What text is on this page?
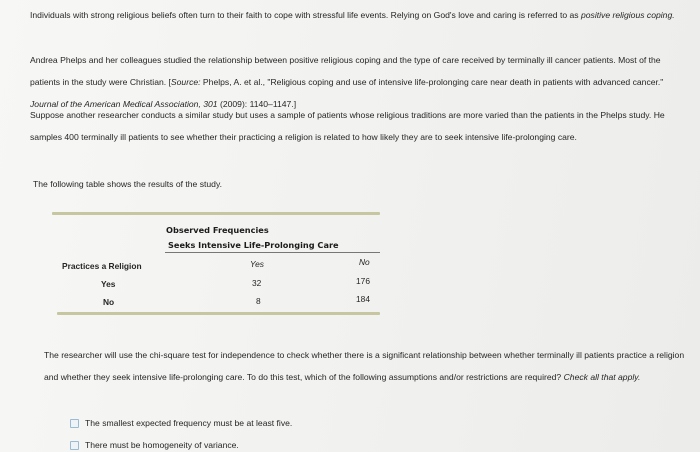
Individuals with strong religious beliefs often turn to their faith to cope with stressful life events. Relying on God's love and caring is referred to as positive religious coping.

Andrea Phelps and her colleagues studied the relationship between positive religious coping and the type of care received by terminally ill cancer patients. Most of the patients in the study were Christian. [Source: Phelps, A. et al., "Religious coping and use of intensive life-prolonging care near death in patients with advanced cancer." Journal of the American Medical Association, 301 (2009): 1140–1147.]

Suppose another researcher conducts a similar study but uses a sample of patients whose religious traditions are more varied than the patients in the Phelps study. He samples 400 terminally ill patients to see whether their practicing a religion is related to how likely they are to seek intensive life-prolonging care.

The following table shows the results of the study.

Observed Frequencies
Seeks Intensive Life-Prolonging Care
Practices a Religion	Yes	No
Yes	32	176
No	8	184

The researcher will use the chi-square test for independence to check whether there is a significant relationship between whether terminally ill patients practice a religion and whether they seek intensive life-prolonging care. To do this test, which of the following assumptions and/or restrictions are required? Check all that apply.

The smallest expected frequency must be at least five.
There must be homogeneity of variance.
